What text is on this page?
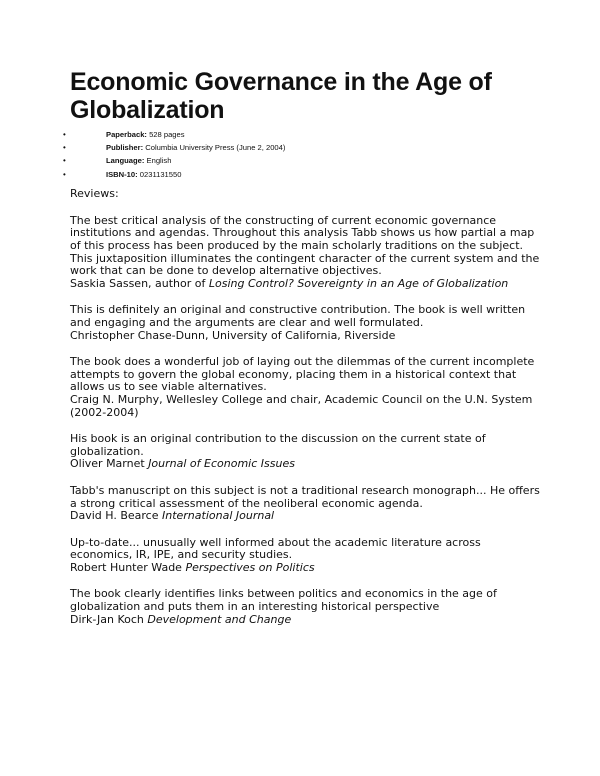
Economic Governance in the Age of Globalization
•	Paperback: 528 pages
•	Publisher: Columbia University Press (June 2, 2004)
•	Language: English
•	ISBN-10: 0231131550
Reviews:

The best critical analysis of the constructing of current economic governance institutions and agendas. Throughout this analysis Tabb shows us how partial a map of this process has been produced by the main scholarly traditions on the subject. This juxtaposition illuminates the contingent character of the current system and the work that can be done to develop alternative objectives.

Saskia Sassen, author of Losing Control? Sovereignty in an Age of Globalization

This is definitely an original and constructive contribution. The book is well written and engaging and the arguments are clear and well formulated.

Christopher Chase-Dunn, University of California, Riverside

The book does a wonderful job of laying out the dilemmas of the current incomplete attempts to govern the global economy, placing them in a historical context that allows us to see viable alternatives.

Craig N. Murphy, Wellesley College and chair, Academic Council on the U.N. System (2002-2004)

His book is an original contribution to the discussion on the current state of globalization.

Oliver Marnet Journal of Economic Issues

Tabb's manuscript on this subject is not a traditional research monograph... He offers a strong critical assessment of the neoliberal economic agenda.

David H. Bearce International Journal

Up-to-date... unusually well informed about the academic literature across economics, IR, IPE, and security studies.

Robert Hunter Wade Perspectives on Politics

The book clearly identifies links between politics and economics in the age of globalization and puts them in an interesting historical perspective

Dirk-Jan Koch Development and Change
